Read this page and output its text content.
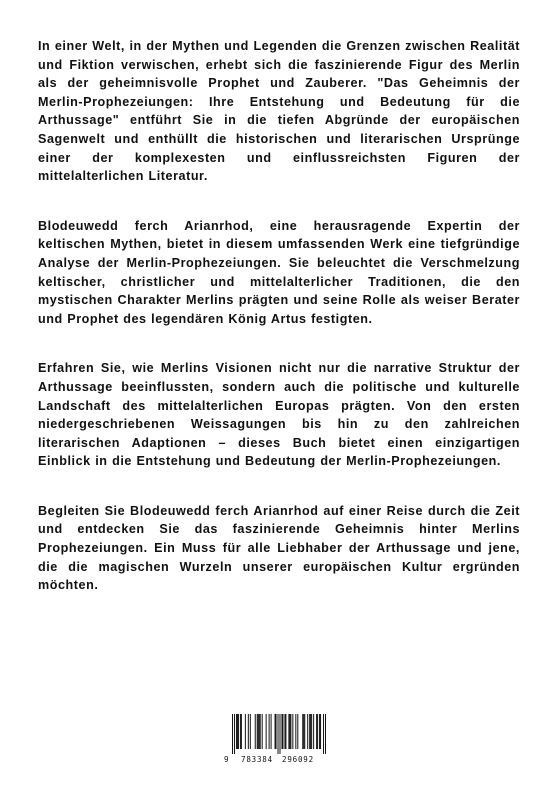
In einer Welt, in der Mythen und Legenden die Grenzen zwischen Realität und Fiktion verwischen, erhebt sich die faszinierende Figur des Merlin als der geheimnisvolle Prophet und Zauberer. "Das Geheimnis der Merlin-Prophezeiungen: Ihre Entstehung und Bedeutung für die Arthussage" entführt Sie in die tiefen Abgründe der europäischen Sagenwelt und enthüllt die historischen und literarischen Ursprünge einer der komplexesten und einflussreichsten Figuren der mittelalterlichen Literatur.

Blodeuwedd ferch Arianrhod, eine herausragende Expertin der keltischen Mythen, bietet in diesem umfassenden Werk eine tiefgründige Analyse der Merlin-Prophezeiungen. Sie beleuchtet die Verschmelzung keltischer, christlicher und mittelalterlicher Traditionen, die den mystischen Charakter Merlins prägten und seine Rolle als weiser Berater und Prophet des legendären König Artus festigten.

Erfahren Sie, wie Merlins Visionen nicht nur die narrative Struktur der Arthussage beeinflussten, sondern auch die politische und kulturelle Landschaft des mittelalterlichen Europas prägten. Von den ersten niedergeschriebenen Weissagungen bis hin zu den zahlreichen literarischen Adaptionen – dieses Buch bietet einen einzigartigen Einblick in die Entstehung und Bedeutung der Merlin-Prophezeiungen.

Begleiten Sie Blodeuwedd ferch Arianrhod auf einer Reise durch die Zeit und entdecken Sie das faszinierende Geheimnis hinter Merlins Prophezeiungen. Ein Muss für alle Liebhaber der Arthussage und jene, die die magischen Wurzeln unserer europäischen Kultur ergründen möchten.

9 783384 296092
